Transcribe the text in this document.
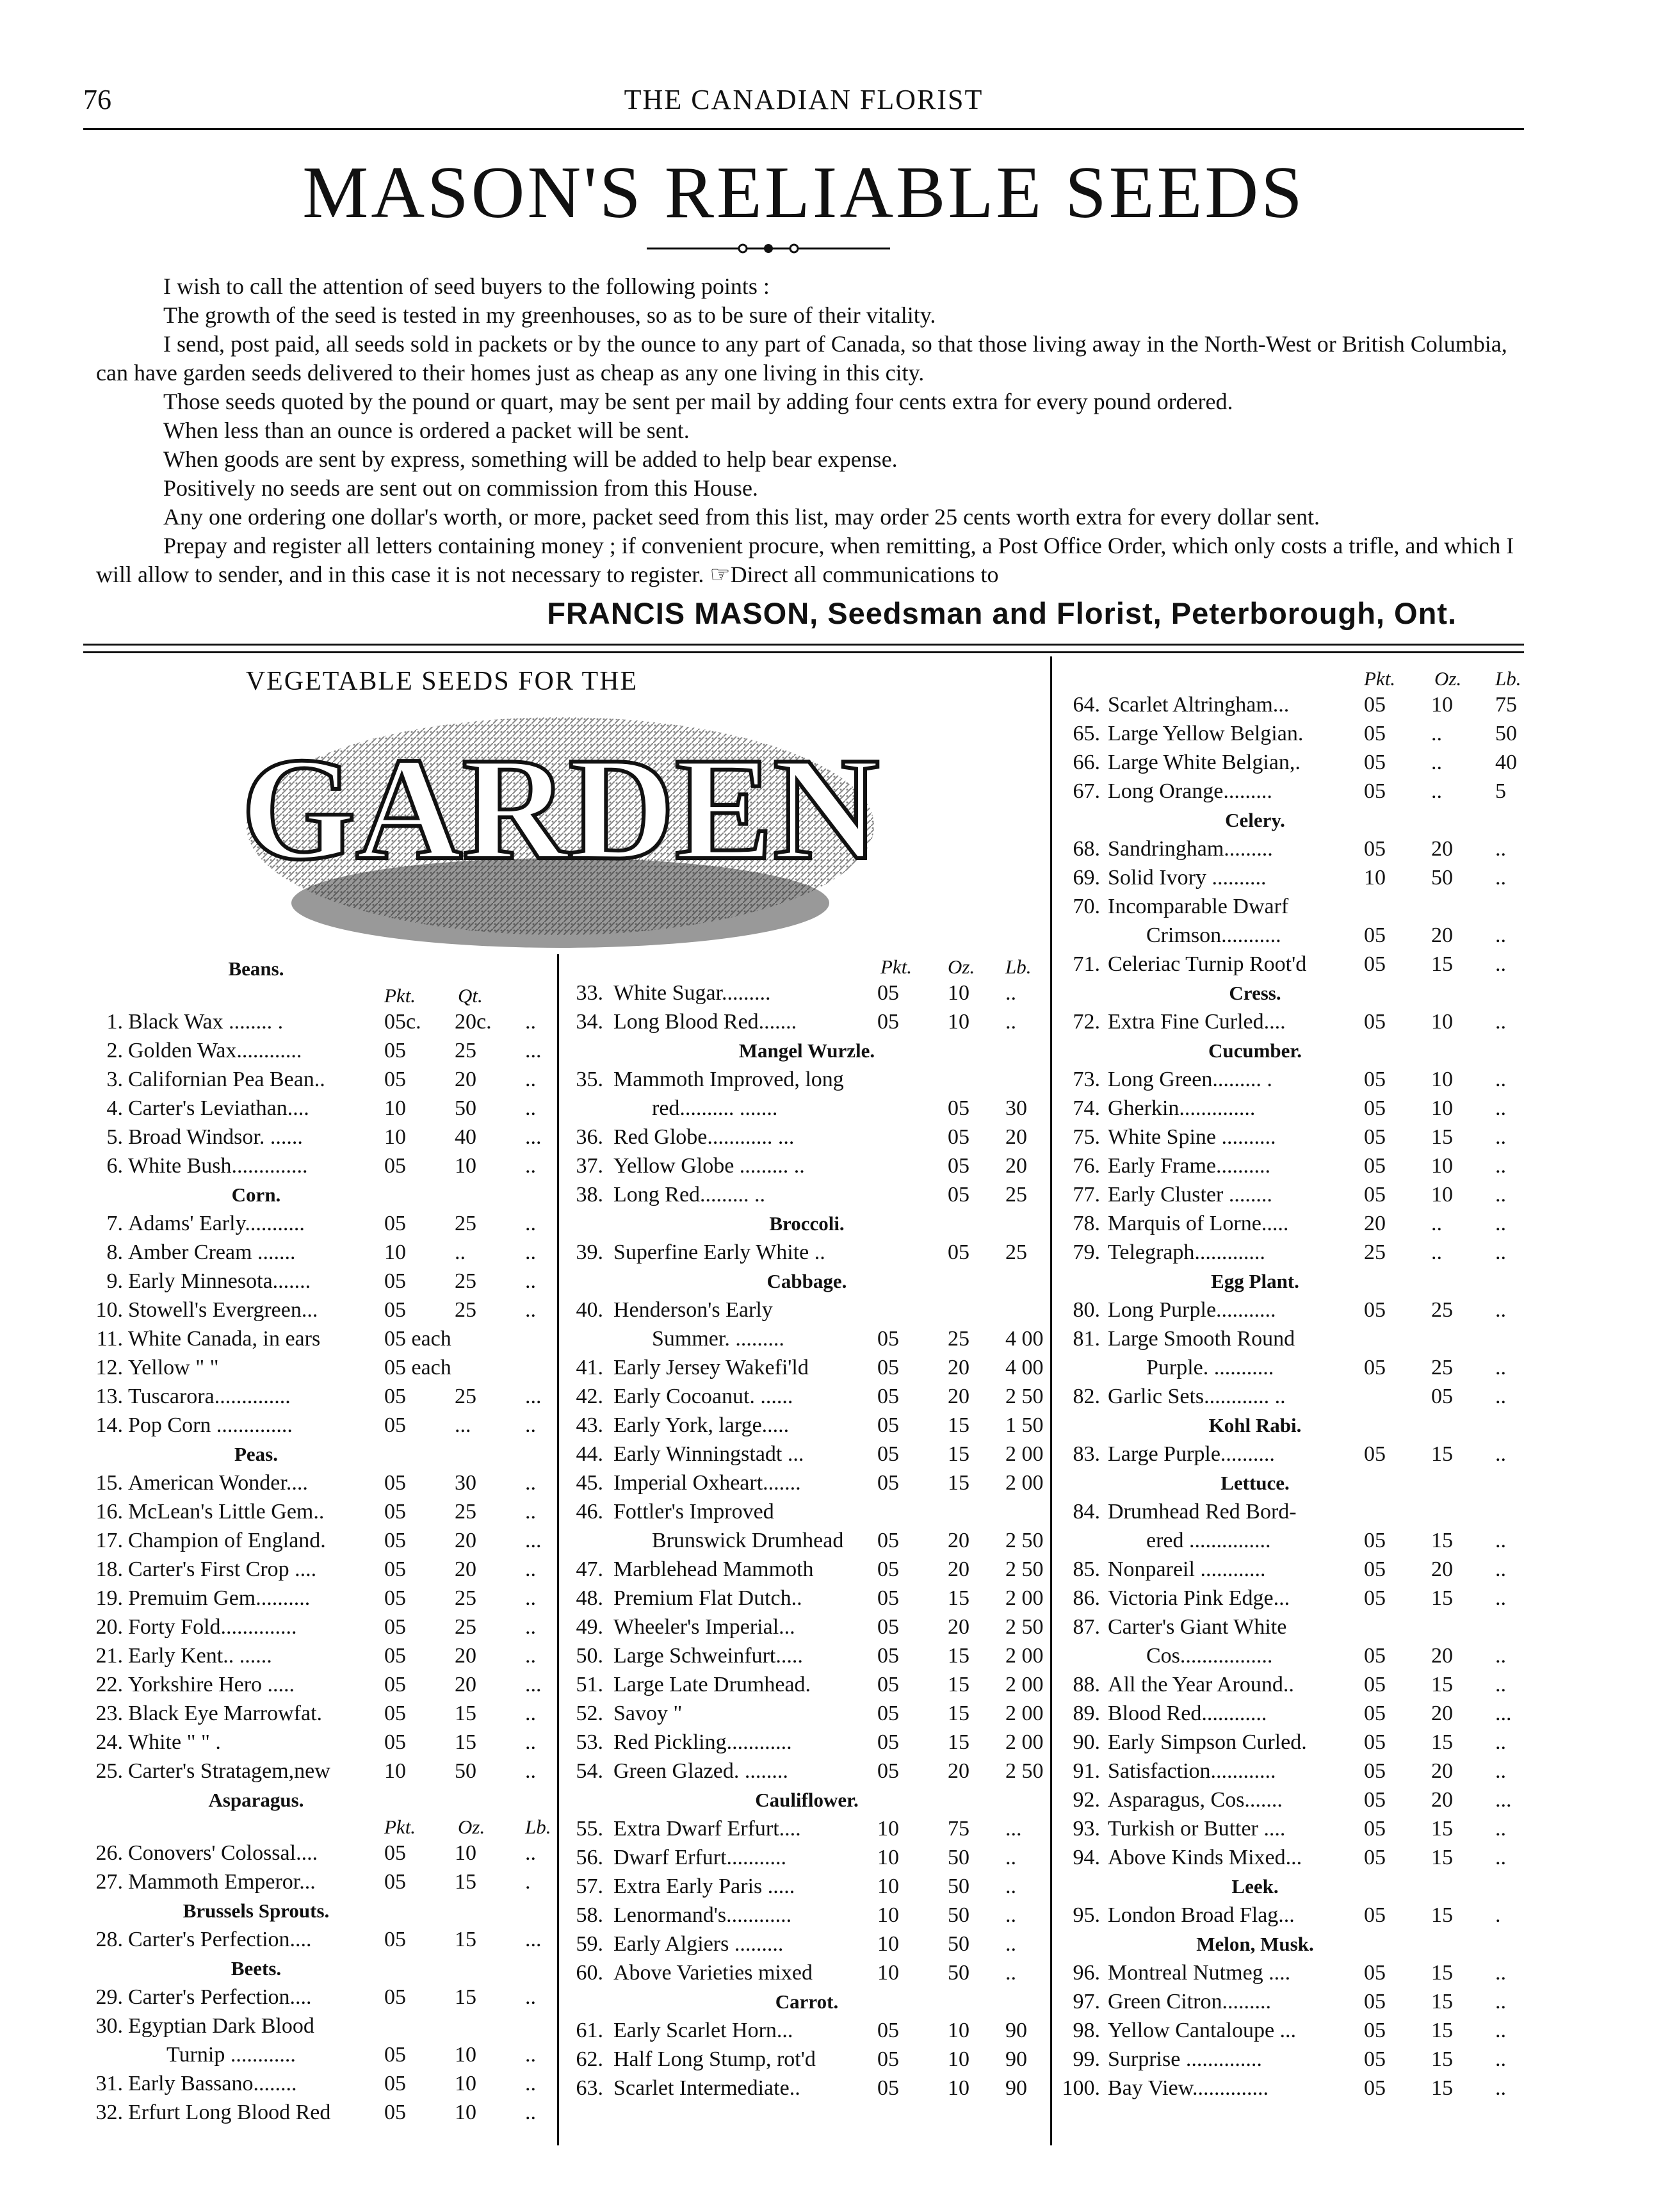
76	THE CANADIAN FLORIST
MASON'S RELIABLE SEEDS

I wish to call the attention of seed buyers to the following points :

The growth of the seed is tested in my greenhouses, so as to be sure of their vitality.

I send, post paid, all seeds sold in packets or by the ounce to any part of Canada, so that those living away in the North-West or British Columbia, can have garden seeds delivered to their homes just as cheap as any one living in this city.

Those seeds quoted by the pound or quart, may be sent per mail by adding four cents extra for every pound ordered.

When less than an ounce is ordered a packet will be sent.

When goods are sent by express, something will be added to help bear expense.

Positively no seeds are sent out on commission from this House.

Any one ordering one dollar's worth, or more, packet seed from this list, may order 25 cents worth extra for every dollar sent.

Prepay and register all letters containing money ; if convenient procure, when remitting, a Post Office Order, which only costs a trifle, and which I will allow to sender, and in this case it is not necessary to register. ☞Direct all communications to

FRANCIS MASON, Seedsman and Florist, Peterborough, Ont.
VEGETABLE SEEDS FOR THE
GARDEN
Beans.
Pkt. Qt.
1. Black Wax ........ .	05c. 20c. ..
2. Golden Wax............	05 25 ...
3. Californian Pea Bean..	05 20 ..
4. Carter's Leviathan....	10 50 ..
5. Broad Windsor. ......	10 40 ...
6. White Bush..............	05 10 ..
Corn.
7. Adams' Early...........	05 25 ..
8. Amber Cream .......	10 ..	..
9. Early Minnesota.......	05 25 ..
10. Stowell's Evergreen...	05 25 ..
11. White Canada, in ears	05 each
12. Yellow " "	05 each
13. Tuscarora..............	05 25 ...
14. Pop Corn ..............	05 ... ..
Peas.
15. American Wonder....	05 30 ..
16. McLean's Little Gem..	05 25 ..
17. Champion of England.	05 20 ...
18. Carter's First Crop ....	05 20 ..
19. Premuim Gem..........	05 25 ..
20. Forty Fold..............	05 25 ..
21. Early Kent.. ......	05 20 ..
22. Yorkshire Hero .....	05 20 ...
23. Black Eye Marrowfat.	05 15 ..
24. White " " .	05 15 ..
25. Carter's Stratagem,new 10 50 ..
Asparagus.
Pkt. Oz. Lb.
26. Conovers' Colossal....	05 10 ..
27. Mammoth Emperor...	05 15 .
Brussels Sprouts.
28. Carter's Perfection....	05 15 ...
Beets.
29. Carter's Perfection....	05 15 ..
30. Egyptian Dark Blood
Turnip ............	05 10 ..
31. Early Bassano........	05 10 ..
32. Erfurt Long Blood Red 05 10 ..
Pkt. Oz. Lb.
33. White Sugar.........	05 10 ..
34. Long Blood Red.......	05 10 ..
Mangel Wurzle.
35. Mammoth Improved, long
red.......... .......	05 30
36. Red Globe............ ...	05 20
37. Yellow Globe ......... ..	05 20
38. Long Red......... ..	05 25
Broccoli.
39. Superfine Early White ..	05 25
Cabbage.
40. Henderson's Early
Summer. .........	05 25 4 00
41. Early Jersey Wakefi'ld	05 20 4 00
42. Early Cocoanut. ......	05 20 2 50
43. Early York, large.....	05 15 1 50
44. Early Winningstadt ...	05 15 2 00
45. Imperial Oxheart.......	05 15 2 00
46. Fottler's Improved
Brunswick Drumhead 05 20 2 50
47. Marblehead Mammoth	05 20 2 50
48. Premium Flat Dutch..	05 15 2 00
49. Wheeler's Imperial...	05 20 2 50
50. Large Schweinfurt.....	05 15 2 00
51. Large Late Drumhead.	05 15 2 00
52. Savoy "	05 15 2 00
53. Red Pickling............	05 15 2 00
54. Green Glazed. ........	05 20 2 50
Cauliflower.
55. Extra Dwarf Erfurt....	10 75 ...
56. Dwarf Erfurt...........	10 50 ..
57. Extra Early Paris .....	10 50 ..
58. Lenormand's............	10 50 ..
59. Early Algiers .........	10 50 ..
60. Above Varieties mixed	10 50 ..
Carrot.
61. Early Scarlet Horn...	05 10 90
62. Half Long Stump, rot'd	05 10 90
63. Scarlet Intermediate..	05 10 90
Pkt. Oz. Lb.
64. Scarlet Altringham...	05 10 75
65. Large Yellow Belgian.	05 .. 50
66. Large White Belgian,.	05 .. 40
67. Long Orange.........	05 .. 5
Celery.
68. Sandringham.........	05 20 ..
69. Solid Ivory ..........	10 50 ..
70. Incomparable Dwarf
Crimson...........	05 20 ..
71. Celeriac Turnip Root'd	05 15 ..
Cress.
72. Extra Fine Curled....	05 10 ..
Cucumber.
73. Long Green......... .	05 10 ..
74. Gherkin..............	05 10 ..
75. White Spine ..........	05 15 ..
76. Early Frame..........	05 10 ..
77. Early Cluster ........	05 10 ..
78. Marquis of Lorne.....	20 .. ..
79. Telegraph.............	25 .. ..
Egg Plant.
80. Long Purple...........	05 25 ..
81. Large Smooth Round
Purple. ...........	05 25 ..
82. Garlic Sets............ ..	05 ..
Kohl Rabi.
83. Large Purple..........	05 15 ..
Lettuce.
84. Drumhead Red Bord-
ered ...............	05 15 ..
85. Nonpareil ............	05 20 ..
86. Victoria Pink Edge...	05 15 ..
87. Carter's Giant White
Cos.................	05 20 ..
88. All the Year Around..	05 15 ..
89. Blood Red............	05 20 ...
90. Early Simpson Curled.	05 15 ..
91. Satisfaction............	05 20 ..
92. Asparagus, Cos.......	05 20 ...
93. Turkish or Butter ....	05 15 ..
94. Above Kinds Mixed...	05 15 ..
Leek.
95. London Broad Flag...	05 15 .
Melon, Musk.
96. Montreal Nutmeg ....	05 15 ..
97. Green Citron.........	05 15 ..
98. Yellow Cantaloupe ...	05 15 ..
99. Surprise ..............	05 15 ..
100. Bay View..............	05 15 ..
